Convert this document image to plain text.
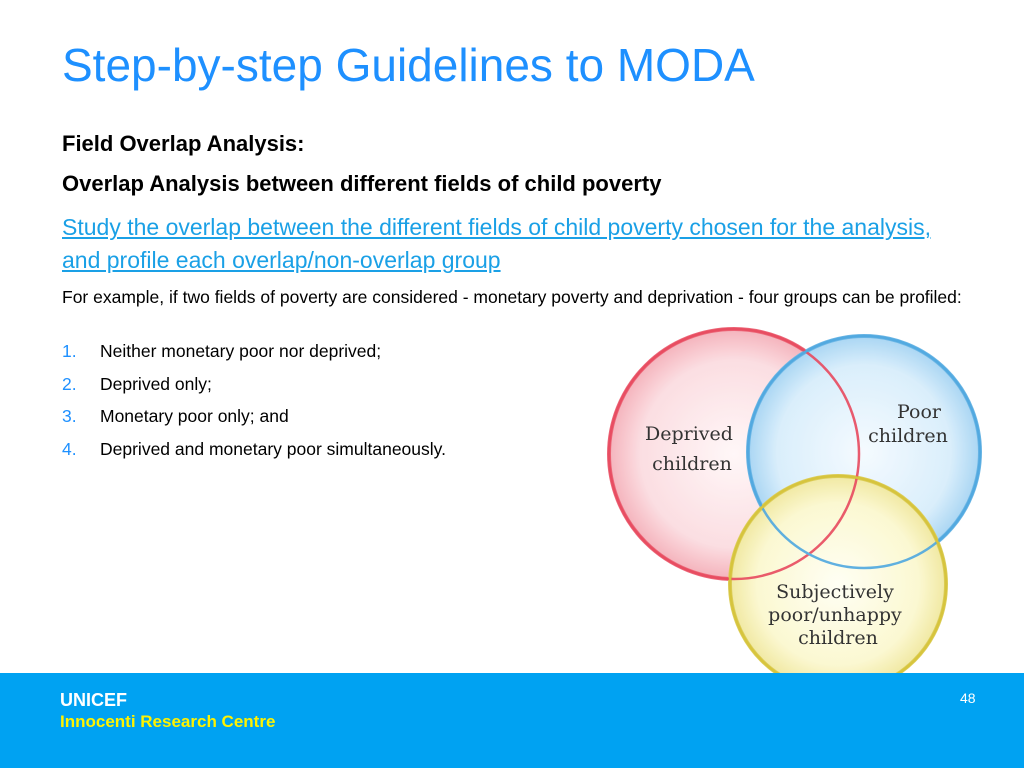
Step-by-step Guidelines to MODA
Field Overlap Analysis:
Overlap Analysis between different fields of child poverty
Study the overlap between the different fields of child poverty chosen for the analysis, and profile each overlap/non-overlap group
For example, if two fields of poverty are considered - monetary poverty and deprivation - four groups can be profiled:
1.	Neither monetary poor nor deprived;
2.	Deprived only;
3.	Monetary poor only; and
4.	Deprived and monetary poor simultaneously.
Deprived children
Poor children
Subjectively poor/unhappy children
UNICEF
Innocenti Research Centre
48
